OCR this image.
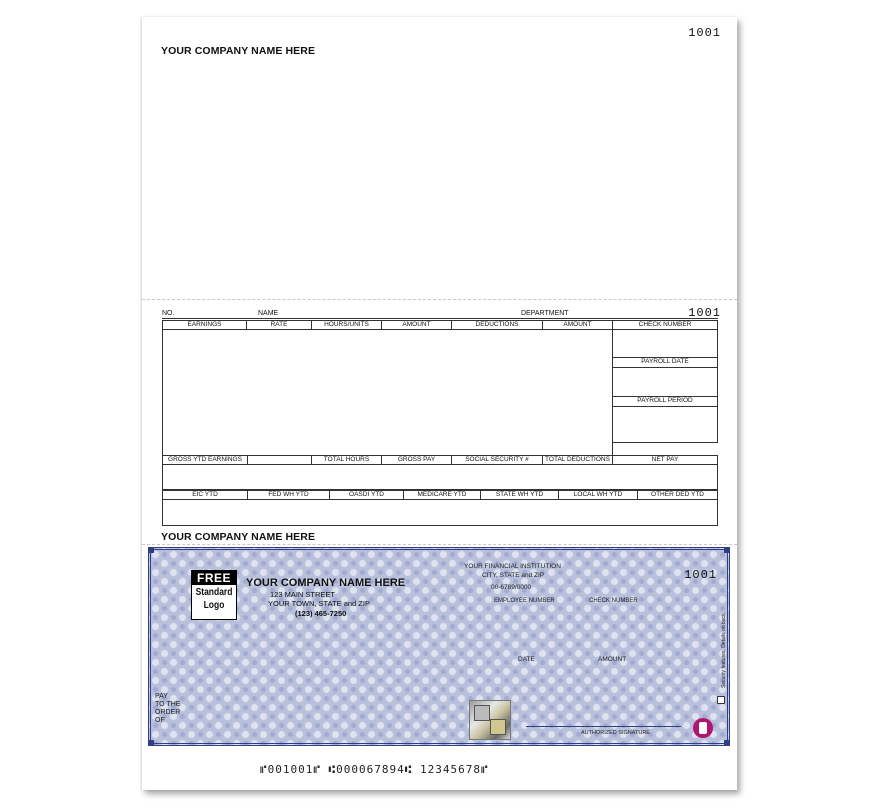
YOUR COMPANY NAME HERE
1001
1001
NO.	NAME	DEPARTMENT
EARNINGS	RATE	HOURS/UNITS	AMOUNT	DEDUCTIONS	AMOUNT	CHECK NUMBER
PAYROLL DATE
PAYROLL PERIOD
GROSS YTD EARNINGS	TOTAL HOURS	GROSS PAY	SOCIAL SECURITY #	TOTAL DEDUCTIONS	NET PAY
EIC YTD	FED WH YTD	OASDI YTD	MEDICARE YTD	STATE WH YTD	LOCAL WH YTD	OTHER DED YTD
YOUR COMPANY NAME HERE
FREE
Standard
Logo
YOUR COMPANY NAME HERE
123 MAIN STREET
YOUR TOWN, STATE and ZIP
(123) 465-7250
YOUR FINANCIAL INSTITUTION
CITY, STATE and ZIP
00-6789/0000
1001
EMPLOYEE NUMBER	CHECK NUMBER
DATE	AMOUNT
PAY
TO THE
ORDER
OF
AUTHORIZED SIGNATURE
Security features. Details on back.
⑈001001⑈ ⑆000067894⑆ 12345678⑈
